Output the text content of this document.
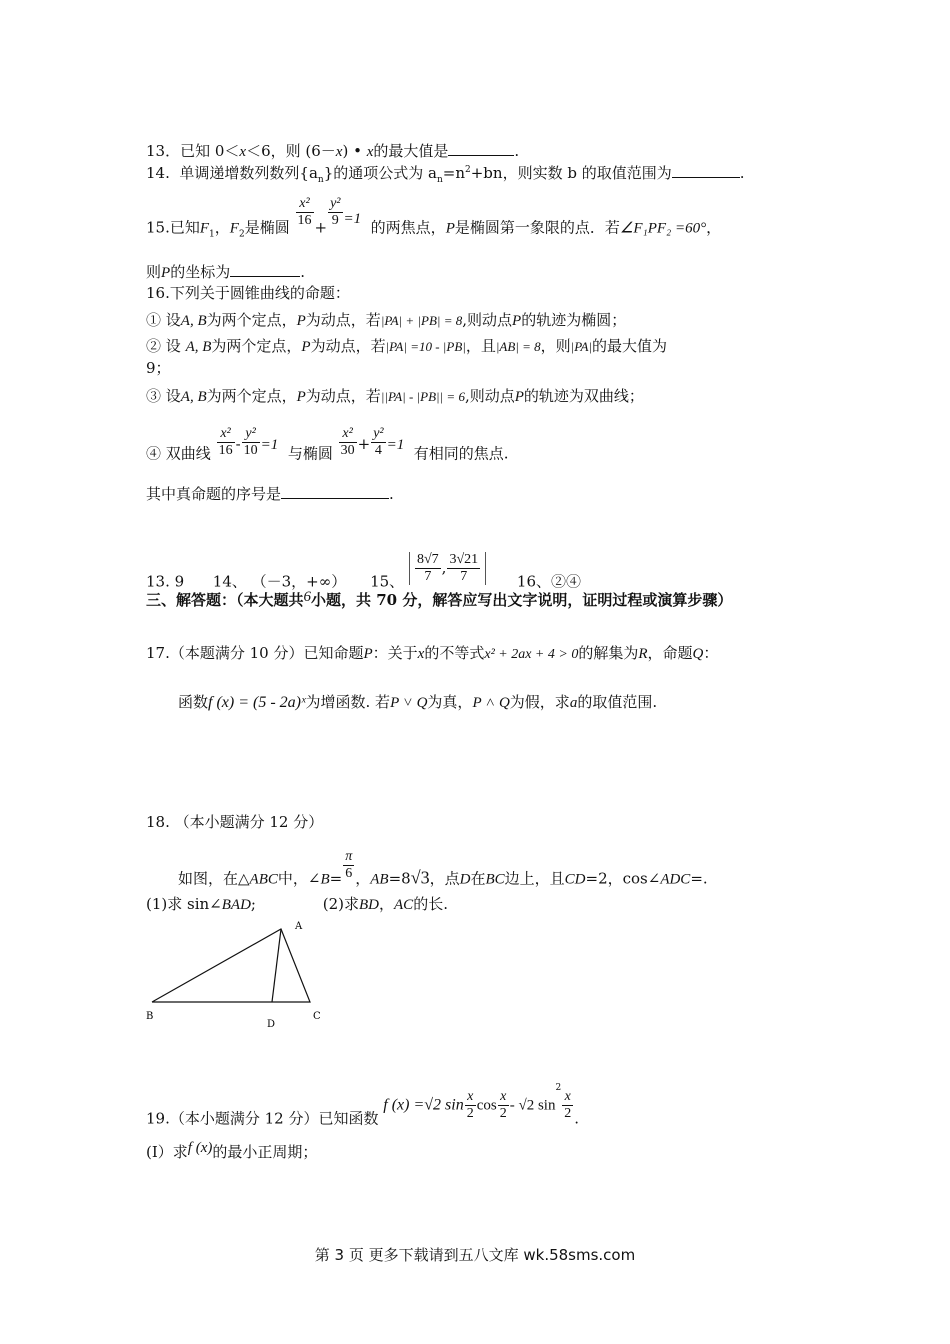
13．已知 0＜x＜6，则 (6－x) • x的最大值是	.
14. 单调递增数列数列$\{a_n\}$的通项公式为 $a_n=n^2+bn$，则实数 b 的取值范围为	.
15.已知$F_1$，$F_2$是椭圆 $\frac{\text{x²}}{16} + \frac{\text{y²}}{9} =1$ 的两焦点，P是椭圆第一象限的点．若∠F₁PF₂ =60°，
则P的坐标为	.
16.下列关于圆锥曲线的命题：
① 设A, B为两个定点，P为动点，若|PA| + |PB| = 8,则动点P的轨迹为椭圆；
② 设 A, B为两个定点，P为动点，若|PA| =10 - |PB|，且|AB| = 8，则|PA|的最大值为
9；
③ 设A, B为两个定点，P为动点，若||PA| - |PB|| = 6,则动点P的轨迹为双曲线；
④ 双曲线 $\frac{\text{x²}}{16} - \frac{\text{y²}}{10} =1$ 与椭圆 $\frac{\text{x²}}{30} + \frac{\text{y²}}{4} =1$ 有相同的焦点.
其中真命题的序号是	.
13. 9 14、 （－3，+∞） 15、 $\frac{8√7}{7}$ , $\frac{3√21}{7} 16$、②④
三、解答题：（本大题共6小题，共 70 分，解答应写出文字说明，证明过程或演算步骤）
17.（本题满分 10 分）已知命题P：关于x的不等式x² + 2ax + 4 > 0的解集为R，命题Q：
函数f (x) = (5 - 2a)ˣ为增函数. 若P ˅ Q为真，P ˄ Q为假，求a的取值范围.
18. （本小题满分 12 分）
如图，在△ABC中，∠B= $\frac{\pi}{6}$ ，AB=8√3，点D在BC边上，且CD=2，cos∠ADC=.
(1)求 sin∠BAD;	(2)求BD，AC的长.
A
B	C
D
19.（本小题满分 12 分）已知函数 f (x) =√2 $\sin \frac{x}{2}$ $\cos \frac{x}{2} - √2$ $\sin^2$
$\frac{x}{2}$ .
(Ⅰ）求f (x)的最小正周期；
第 3 页 更多下载请到五八文库 wk.58sms.com
